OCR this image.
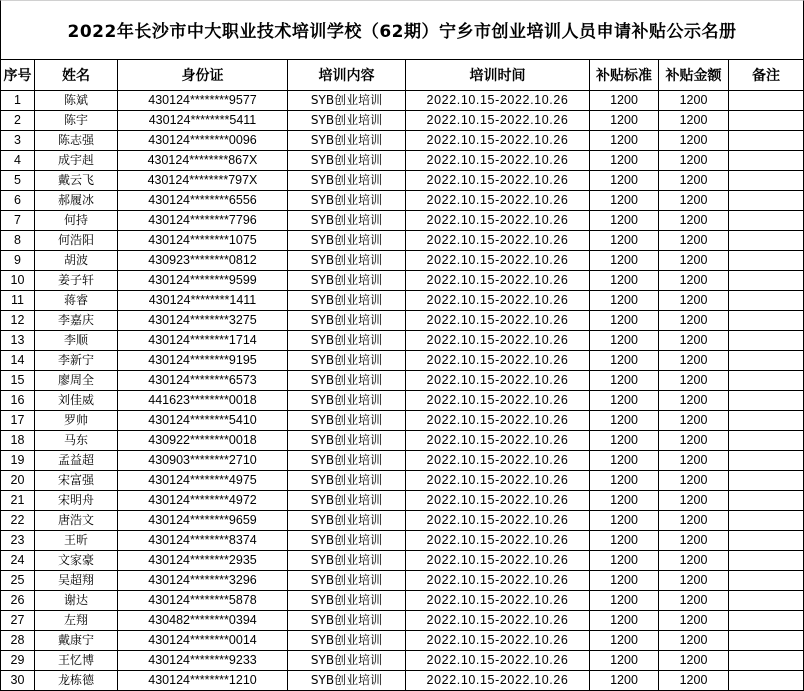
2022年长沙市中大职业技术培训学校（62期）宁乡市创业培训人员申请补贴公示名册
序号	姓名	身份证	培训内容	培训时间	补贴标准	补贴金额	备注
1	陈斌	430124********9577	SYB创业培训	2022.10.15-2022.10.26	1200	1200	
2	陈宇	430124********5411	SYB创业培训	2022.10.15-2022.10.26	1200	1200	
3	陈志强	430124********0096	SYB创业培训	2022.10.15-2022.10.26	1200	1200	
4	成宇赳	430124********867X	SYB创业培训	2022.10.15-2022.10.26	1200	1200	
5	戴云飞	430124********797X	SYB创业培训	2022.10.15-2022.10.26	1200	1200	
6	郝履冰	430124********6556	SYB创业培训	2022.10.15-2022.10.26	1200	1200	
7	何持	430124********7796	SYB创业培训	2022.10.15-2022.10.26	1200	1200	
8	何浩阳	430124********1075	SYB创业培训	2022.10.15-2022.10.26	1200	1200	
9	胡波	430923********0812	SYB创业培训	2022.10.15-2022.10.26	1200	1200	
10	姜子轩	430124********9599	SYB创业培训	2022.10.15-2022.10.26	1200	1200	
11	蒋睿	430124********1411	SYB创业培训	2022.10.15-2022.10.26	1200	1200	
12	李嘉庆	430124********3275	SYB创业培训	2022.10.15-2022.10.26	1200	1200	
13	李顺	430124********1714	SYB创业培训	2022.10.15-2022.10.26	1200	1200	
14	李新宁	430124********9195	SYB创业培训	2022.10.15-2022.10.26	1200	1200	
15	廖周全	430124********6573	SYB创业培训	2022.10.15-2022.10.26	1200	1200	
16	刘佳威	441623********0018	SYB创业培训	2022.10.15-2022.10.26	1200	1200	
17	罗帅	430124********5410	SYB创业培训	2022.10.15-2022.10.26	1200	1200	
18	马东	430922********0018	SYB创业培训	2022.10.15-2022.10.26	1200	1200	
19	孟益超	430903********2710	SYB创业培训	2022.10.15-2022.10.26	1200	1200	
20	宋富强	430124********4975	SYB创业培训	2022.10.15-2022.10.26	1200	1200	
21	宋明舟	430124********4972	SYB创业培训	2022.10.15-2022.10.26	1200	1200	
22	唐浩文	430124********9659	SYB创业培训	2022.10.15-2022.10.26	1200	1200	
23	王昕	430124********8374	SYB创业培训	2022.10.15-2022.10.26	1200	1200	
24	文家豪	430124********2935	SYB创业培训	2022.10.15-2022.10.26	1200	1200	
25	吴超翔	430124********3296	SYB创业培训	2022.10.15-2022.10.26	1200	1200	
26	谢达	430124********5878	SYB创业培训	2022.10.15-2022.10.26	1200	1200	
27	左翔	430482********0394	SYB创业培训	2022.10.15-2022.10.26	1200	1200	
28	戴康宁	430124********0014	SYB创业培训	2022.10.15-2022.10.26	1200	1200	
29	王忆博	430124********9233	SYB创业培训	2022.10.15-2022.10.26	1200	1200	
30	龙栋德	430124********1210	SYB创业培训	2022.10.15-2022.10.26	1200	1200	
